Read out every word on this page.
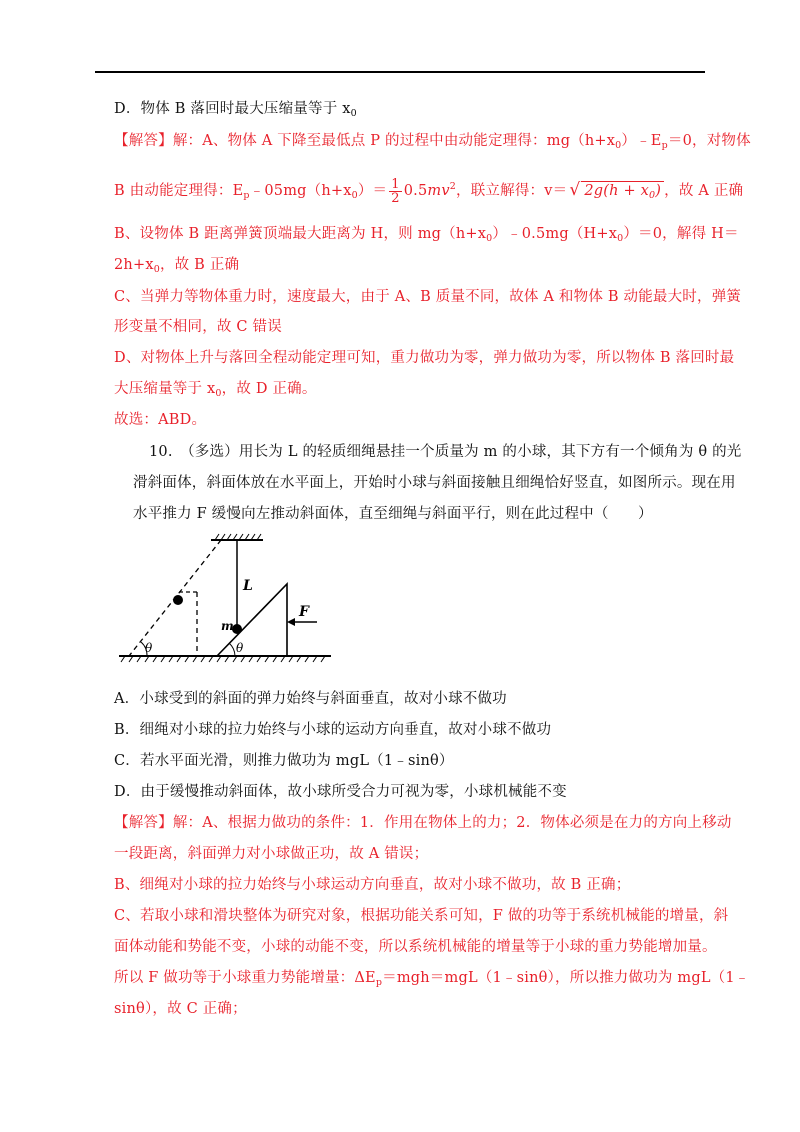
D．物体 B 落回时最大压缩量等于 $x_0$
【解答】解：A、物体 A 下降至最低点 P 的过程中由动能定理得：$mg(h+x_0)﹣E_p=0$，对物体
B 由动能定理得：$E_p﹣05mg(h+x_0)= \frac{1}{2} 0.5mv^2$，联立解得：v＝ √ $2g(h + x_0)$ ，故 A 正确
B、设物体 B 距离弹簧顶端最大距离为 H，则 $mg(h+x_0)﹣0.5mg(H+x_0)=0$，解得 H＝
$2h+x_0$，故 B 正确
C、当弹力等物体重力时，速度最大，由于 A、B 质量不同，故体 A 和物体 B 动能最大时，弹簧
形变量不相同，故 C 错误
D、对物体上升与落回全程动能定理可知，重力做功为零，弹力做功为零，所以物体 B 落回时最
大压缩量等于 $x_0$，故 D 正确。
故选：ABD。
10.　（多选）用长为 L 的轻质细绳悬挂一个质量为 m 的小球，其下方有一个倾角为 θ 的光
滑斜面体，斜面体放在水平面上，开始时小球与斜面接触且细绳恰好竖直，如图所示。现在用
水平推力 F 缓慢向左推动斜面体，直至细绳与斜面平行，则在此过程中（　　）
L
m
F
θ	θ
A．小球受到的斜面的弹力始终与斜面垂直，故对小球不做功
B．细绳对小球的拉力始终与小球的运动方向垂直，故对小球不做功
C．若水平面光滑，则推力做功为 mgL（1﹣sinθ）
D．由于缓慢推动斜面体，故小球所受合力可视为零，小球机械能不变
【解答】解：A、根据力做功的条件：1．作用在物体上的力；2．物体必须是在力的方向上移动
一段距离，斜面弹力对小球做正功，故 A 错误；
B、细绳对小球的拉力始终与小球运动方向垂直，故对小球不做功，故 B 正确；
C、若取小球和滑块整体为研究对象，根据功能关系可知，F 做的功等于系统机械能的增量，斜
面体动能和势能不变，小球的动能不变，所以系统机械能的增量等于小球的重力势能增加量。
所以 F 做功等于小球重力势能增量：$\Delta E_p=mgh=mgL(1﹣\sin\theta)$，所以推力做功为 mgL（1﹣
sinθ），故 C 正确；
